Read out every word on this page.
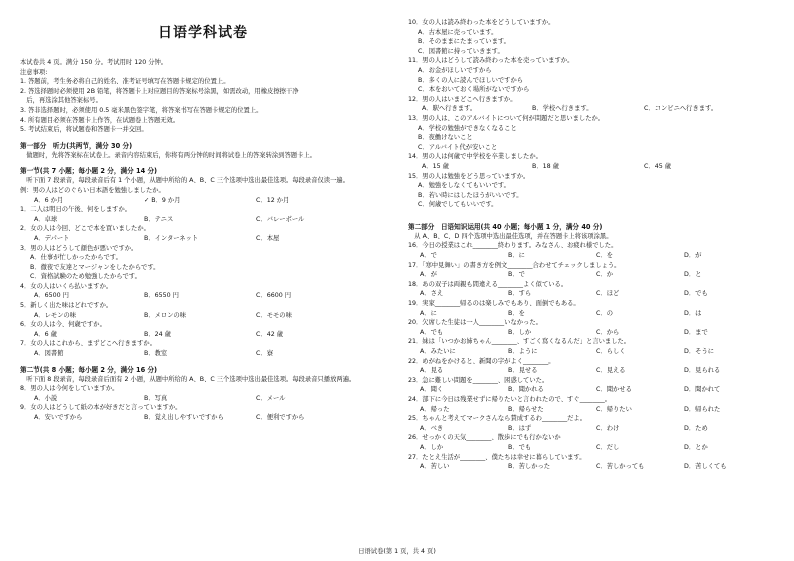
日语学科试卷
本试卷共 4 页。满分 150 分。考试用时 120 分钟。
注意事项:
1. 答题前，考生务必将自己的姓名、准考证号填写在答题卡规定的位置上。
2. 答选择题时必须使用 2B 铅笔，将答题卡上对应题目的答案标号涂黑，如需改动，用橡皮擦擦干净
　后，再选涂其他答案标号。
3. 答非选择题时，必须使用 0.5 毫米黑色签字笔，将答案书写在答题卡规定的位置上。
4. 所有题目必须在答题卡上作答，在试题卷上答题无效。
5. 考试结束后，将试题卷和答题卡一并交回。
第一部分　听力(共两节，满分 30 分)
　做题时，先将答案标在试卷上。录音内容结束后，你将有两分钟的时间将试卷上的答案转涂到答题卡上。
第一节(共 7 小题；每小题 2 分，满分 14 分)
　听下面 7 段录音，每段录音后有 1 个小题，从题中所给的 A、B、C 三个选项中选出最佳选项。每段录音仅读一遍。
例：男の人はどのぐらい日本語を勉強しましたか。
A．6 か月	✓ B．9 か月	C．12 か月
1．二人は明日の午後、何をしますか。
A．卓球	B．テニス	C．バレーボール
2．女の人は今回、どこで本を買いましたか。
A．デパート	B．インターネット	C．本屋
3．男の人はどうして顔色が悪いですか。
A．仕事が忙しかったからです。
B．徹夜で友達とマージャンをしたからです。
C．資格試験のため勉強したからです。
4．女の人はいくら払いますか。
A．6500 円	B．6550 円	C．6600 円
5．新しく出た味はどれですか。
A．レモンの味	B．メロンの味	C．モモの味
6．女の人は今、何歳ですか。
A．6 歳	B．24 歳	C．42 歳
7．女の人はこれから、まずどこへ行きますか。
A．図書館	B．教室	C．寮
第二节(共 8 小题；每小题 2 分，满分 16 分)
　听下面 8 段录音，每段录音后面有 2 小题，从题中所给的 A、B、C 三个选项中选出最佳选项。每段录音只播放两遍。
8．男の人は今何をしていますか。
A．小説	B．写真	C．メール
9．女の人はどうして紙の本が好きだと言っていますか。
A．安いですから	B．覚え出しやすいですから	C．便利ですから
10．女の人は読み終わった本をどうしていますか。
A．古本屋に売っています。
B．そのままにたまっています。
C．図書館に持っていきます。
11．男の人はどうして読み終わった本を売っていますか。
A．お金がほしいですから
B．多くの人に読んでほしいですから
C．本をおいておく場所がないですから
12．男の人はいまどこへ行きますか。
A．駅へ行きます。	B．学校へ行きます。	C．コンビニへ行きます。
13．男の人は、このアルバイトについて何が問題だと思いましたか。
A．学校の勉強ができなくなること
B．夜働けないこと
C．アルバイト代が安いこと
14．男の人は何歳で中学校を卒業しましたか。
A．15 歳	B．18 歳	C．45 歳
15．男の人は勉強をどう思っていますか。
A．勉強をしなくてもいいです。
B．若い時にはしたほうがいいです。
C．何歳でしてもいいです。
第二部分　日语知识运用(共 40 小题；每小题 1 分，满分 40 分)
　从 A、B、C、D 四个选项中选出最佳选项，并在答题卡上将该项涂黑。
16．今日の授業はこれ________終わります。みなさん、お疲れ様でした。
A．で	B．に	C．を	D．が
17．「寒中見舞い」の書き方を例文________合わせてチェックしましょう。
A．が	B．で	C．か	D．と
18．あの双子は両親も間違える________よく似ている。
A．さえ	B．すら	C．ほど	D．でも
19．実家________帰るのは楽しみでもあり、面倒でもある。
A．に	B．を	C．の	D．は
20．欠席した生徒は一人________いなかった。
A．でも	B．しか	C．から	D．まで
21．妹は「いつかお姉ちゃん________、すごく寫くなるんだ」と言いました。
A．みたいに	B．ように	C．らしく	D．そうに
22．めがねをかけると、新聞の字がよく________。
A．見る	B．見せる	C．見える	D．見られる
23．急に難しい問題を________、困惑していた。
A．聞く	B．聞かれる	C．聞かせる	D．聞かれて
24．部下に今日は残業せずに帰りたいと言われたので、すぐ________。
A．帰った	B．帰らせた	C．帰りたい	D．帰られた
25．ちゃんと考えてマークさんなら賛成するわ________だよ。
A．べき	B．はず	C．わけ	D．ため
26．せっかくの天気________、散歩にでも行かないか
A．しか	B．でも	C．だし	D．とか
27．たとえ生活が________、僕たちは幸せに暮らしています。
A．苦しい	B．苦しかった	C．苦しかっても	D．苦しくても
日语试卷(第 1 页，共 4 页)
